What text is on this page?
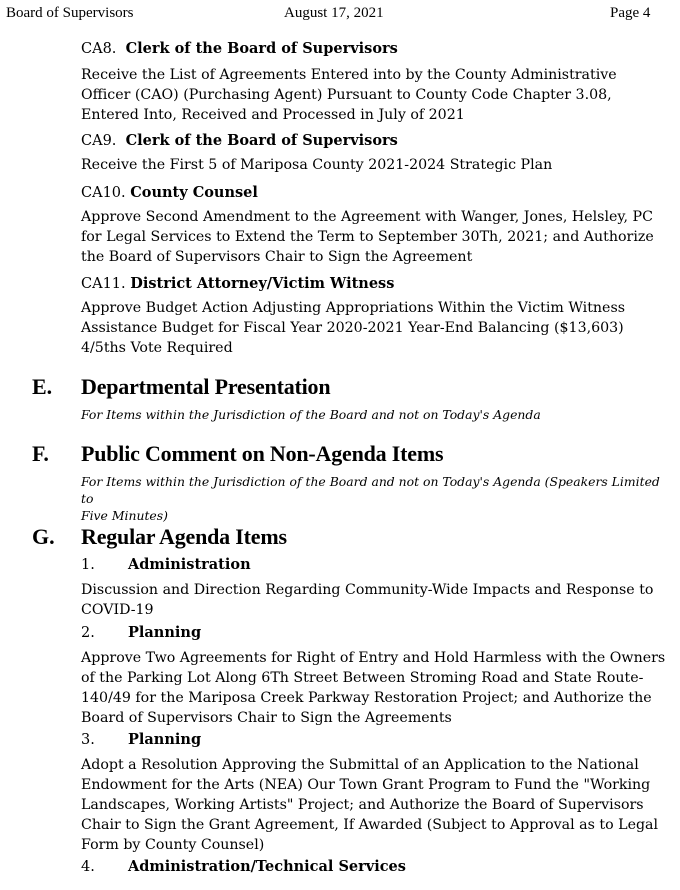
Board of Supervisors	August 17, 2021	Page 4
CA8. Clerk of the Board of Supervisors
Receive the List of Agreements Entered into by the County Administrative
Officer (CAO) (Purchasing Agent) Pursuant to County Code Chapter 3.08,
Entered Into, Received and Processed in July of 2021
CA9. Clerk of the Board of Supervisors
Receive the First 5 of Mariposa County 2021-2024 Strategic Plan
CA10. County Counsel
Approve Second Amendment to the Agreement with Wanger, Jones, Helsley, PC
for Legal Services to Extend the Term to September 30Th, 2021; and Authorize
the Board of Supervisors Chair to Sign the Agreement
CA11. District Attorney/Victim Witness
Approve Budget Action Adjusting Appropriations Within the Victim Witness
Assistance Budget for Fiscal Year 2020-2021 Year-End Balancing ($13,603)
4/5ths Vote Required
E. Departmental Presentation
For Items within the Jurisdiction of the Board and not on Today's Agenda
F. Public Comment on Non-Agenda Items
For Items within the Jurisdiction of the Board and not on Today's Agenda (Speakers Limited to
Five Minutes)
G. Regular Agenda Items
1. Administration
Discussion and Direction Regarding Community-Wide Impacts and Response to
COVID-19
2. Planning
Approve Two Agreements for Right of Entry and Hold Harmless with the Owners
of the Parking Lot Along 6Th Street Between Stroming Road and State Route-
140/49 for the Mariposa Creek Parkway Restoration Project; and Authorize the
Board of Supervisors Chair to Sign the Agreements
3. Planning
Adopt a Resolution Approving the Submittal of an Application to the National
Endowment for the Arts (NEA) Our Town Grant Program to Fund the "Working
Landscapes, Working Artists" Project; and Authorize the Board of Supervisors
Chair to Sign the Grant Agreement, If Awarded (Subject to Approval as to Legal
Form by County Counsel)
4. Administration/Technical Services
